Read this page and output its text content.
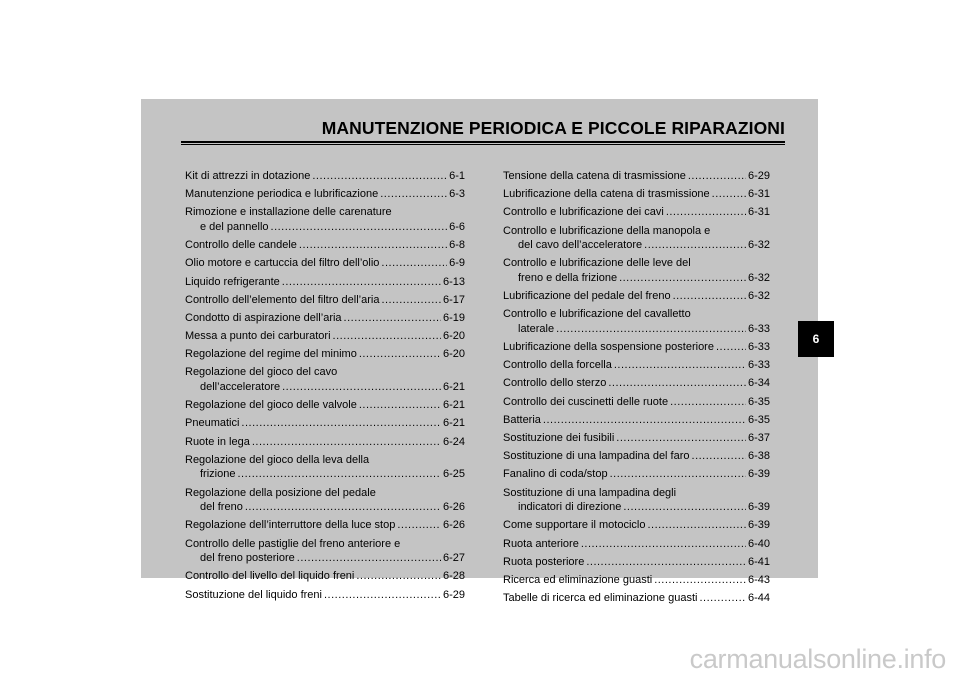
MANUTENZIONE PERIODICA E PICCOLE RIPARAZIONI
Kit di attrezzi in dotazione .....	6-1
Manutenzione periodica e lubrificazione .....	6-3
Rimozione e installazione delle carenature
e del pannello .....	6-6
Controllo delle candele .....	6-8
Olio motore e cartuccia del filtro dell’olio .....	6-9
Liquido refrigerante .....	6-13
Controllo dell’elemento del filtro dell’aria .....	6-17
Condotto di aspirazione dell’aria .....	6-19
Messa a punto dei carburatori .....	6-20
Regolazione del regime del minimo .....	6-20
Regolazione del gioco del cavo
dell’acceleratore .....	6-21
Regolazione del gioco delle valvole .....	6-21
Pneumatici .....	6-21
Ruote in lega .....	6-24
Regolazione del gioco della leva della
frizione .....	6-25
Regolazione della posizione del pedale
del freno .....	6-26
Regolazione dell’interruttore della luce stop .....	6-26
Controllo delle pastiglie del freno anteriore e
del freno posteriore .....	6-27
Controllo del livello del liquido freni .....	6-28
Sostituzione del liquido freni .....	6-29
Tensione della catena di trasmissione .....	6-29
Lubrificazione della catena di trasmissione .....	6-31
Controllo e lubrificazione dei cavi .....	6-31
Controllo e lubrificazione della manopola e
del cavo dell’acceleratore .....	6-32
Controllo e lubrificazione delle leve del
freno e della frizione .....	6-32
Lubrificazione del pedale del freno .....	6-32
Controllo e lubrificazione del cavalletto
laterale .....	6-33
Lubrificazione della sospensione posteriore .....	6-33
Controllo della forcella .....	6-33
Controllo dello sterzo .....	6-34
Controllo dei cuscinetti delle ruote .....	6-35
Batteria .....	6-35
Sostituzione dei fusibili .....	6-37
Sostituzione di una lampadina del faro .....	6-38
Fanalino di coda/stop .....	6-39
Sostituzione di una lampadina degli
indicatori di direzione .....	6-39
Come supportare il motociclo .....	6-39
Ruota anteriore .....	6-40
Ruota posteriore .....	6-41
Ricerca ed eliminazione guasti .....	6-43
Tabelle di ricerca ed eliminazione guasti .....	6-44
6
carmanualsonline.info
